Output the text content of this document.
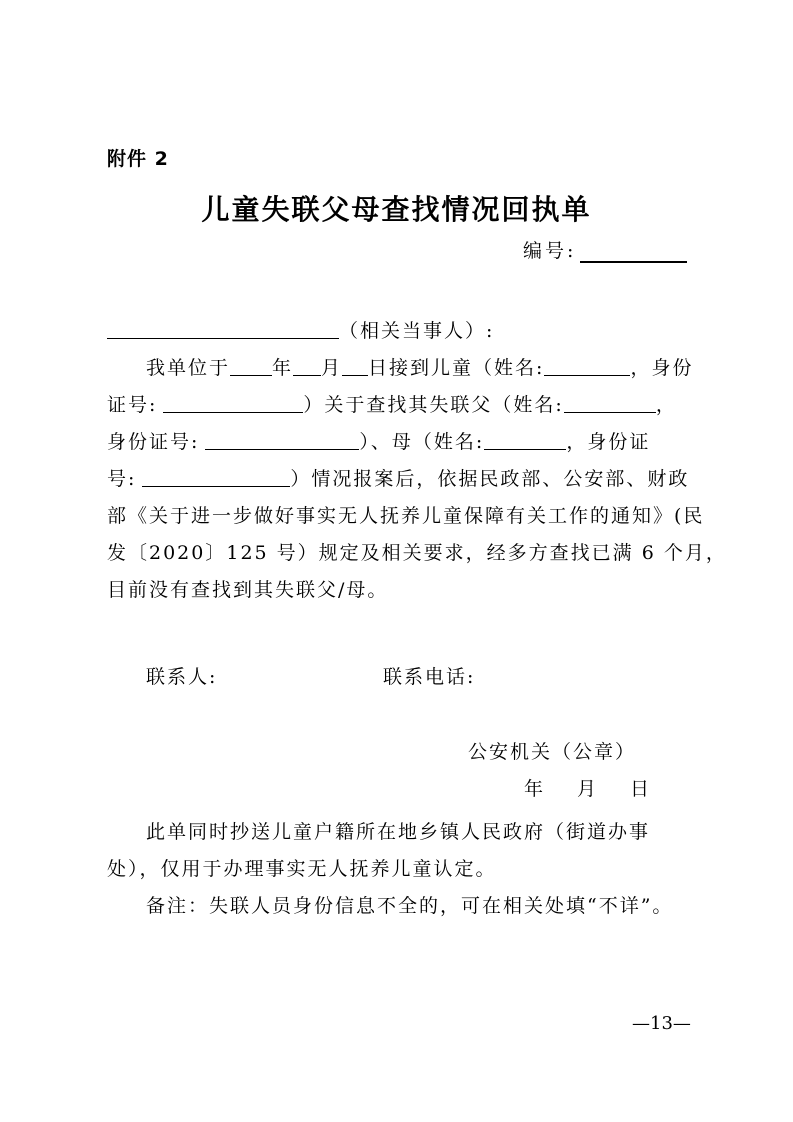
附件 2
儿童失联父母查找情况回执单
编号:
（相关当事人）:
我单位于 年 月 日接到儿童（姓名:	，身份
证号:	）关于查找其失联父（姓名:	，
身份证号:	）、母（姓名:	，身份证
号:	）情况报案后，依据民政部、公安部、财政
部《关于进一步做好事实无人抚养儿童保障有关工作的通知》(民
发〔2020〕125 号）规定及相关要求，经多方查找已满 6 个月，
目前没有查找到其失联父/母。
联系人:	联系电话:
公安机关（公章）
年 月 日
此单同时抄送儿童户籍所在地乡镇人民政府（街道办事
处），仅用于办理事实无人抚养儿童认定。
备注：失联人员身份信息不全的，可在相关处填“不详”。
—13—
